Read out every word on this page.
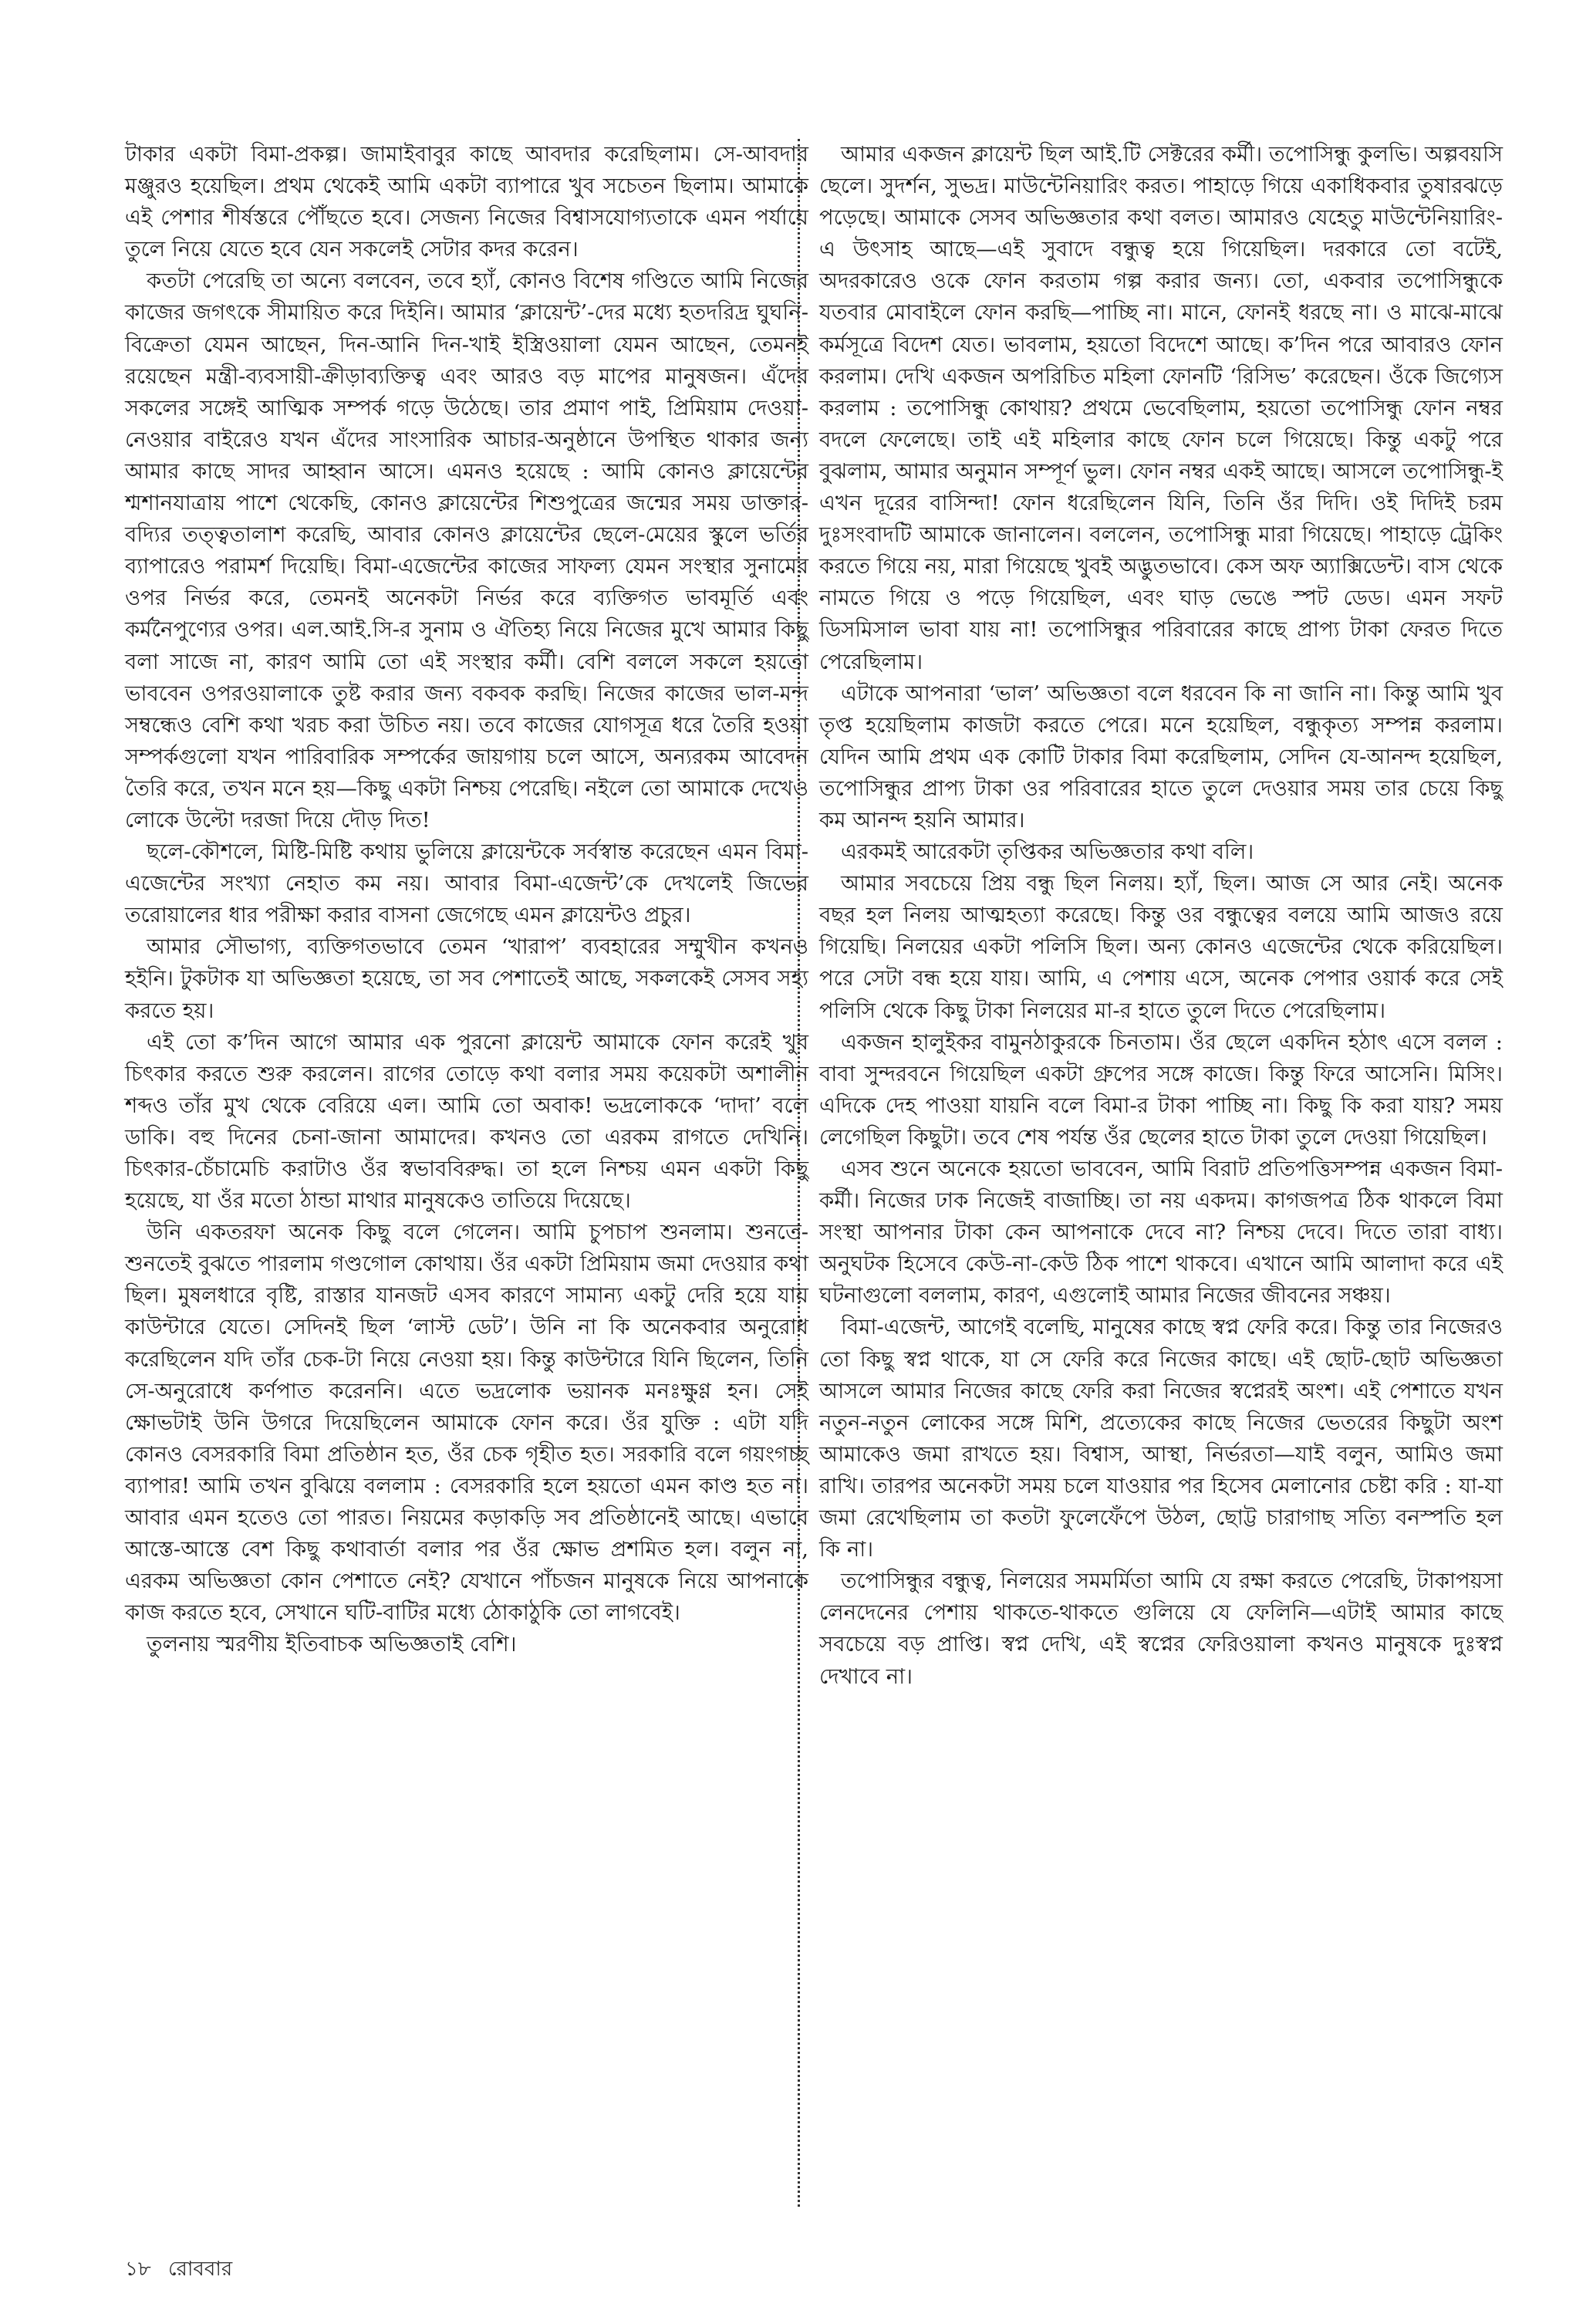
টাকার একটা বিমা-প্রকল্প। জামাইবাবুর কাছে আবদার করেছিলাম। সে-আবদার মঞ্জুরও হয়েছিল। প্রথম থেকেই আমি একটা ব্যাপারে খুব সচেতন ছিলাম। আমাকে এই পেশার শীর্ষস্তরে পৌঁছতে হবে। সেজন্য নিজের বিশ্বাসযোগ্যতাকে এমন পর্যায়ে তুলে নিয়ে যেতে হবে যেন সকলেই সেটার কদর করেন।

কতটা পেরেছি তা অন্যে বলবেন, তবে হ্যাঁ, কোনও বিশেষ গণ্ডিতে আমি নিজের কাজের জগৎকে সীমায়িত করে দিইনি। আমার ‘ক্লায়েন্ট’-দের মধ্যে হতদরিদ্র ঘুঘনি-বিক্রেতা যেমন আছেন, দিন-আনি দিন-খাই ইস্ত্রিওয়ালা যেমন আছেন, তেমনই রয়েছেন মন্ত্রী-ব্যবসায়ী-ক্রীড়াব্যক্তিত্ব এবং আরও বড় মাপের মানুষজন। এঁদের সকলের সঙ্গেই আত্মিক সম্পর্ক গড়ে উঠেছে। তার প্রমাণ পাই, প্রিমিয়াম দেওয়া-নেওয়ার বাইরেও যখন এঁদের সাংসারিক আচার-অনুষ্ঠানে উপস্থিত থাকার জন্য আমার কাছে সাদর আহ্বান আসে। এমনও হয়েছে : আমি কোনও ক্লায়েন্টের শ্মশানযাত্রায় পাশে থেকেছি, কোনও ক্লায়েন্টের শিশুপুত্রের জন্মের সময় ডাক্তার-বদ্যির তত্ত্বতালাশ করেছি, আবার কোনও ক্লায়েন্টের ছেলে-মেয়ের স্কুলে ভর্তির ব্যাপারেও পরামর্শ দিয়েছি। বিমা-এজেন্টের কাজের সাফল্য যেমন সংস্থার সুনামের ওপর নির্ভর করে, তেমনই অনেকটা নির্ভর করে ব্যক্তিগত ভাবমূর্তি এবং কর্মনৈপুণ্যের ওপর। এল.আই.সি-র সুনাম ও ঐতিহ্য নিয়ে নিজের মুখে আমার কিছু বলা সাজে না, কারণ আমি তো এই সংস্থার কর্মী। বেশি বললে সকলে হয়তো ভাববেন ওপরওয়ালাকে তুষ্ট করার জন্য বকবক করছি। নিজের কাজের ভাল-মন্দ সম্বন্ধেও বেশি কথা খরচ করা উচিত নয়। তবে কাজের যোগসূত্র ধরে তৈরি হওয়া সম্পর্কগুলো যখন পারিবারিক সম্পর্কের জায়গায় চলে আসে, অন্যরকম আবেদন তৈরি করে, তখন মনে হয়—কিছু একটা নিশ্চয় পেরেছি। নইলে তো আমাকে দেখেও লোকে উল্টো দরজা দিয়ে দৌড় দিত!

ছলে-কৌশলে, মিষ্টি-মিষ্টি কথায় ভুলিয়ে ক্লায়েন্টকে সর্বস্বান্ত করেছেন এমন বিমা-এজেন্টের সংখ্যা নেহাত কম নয়। আবার বিমা-এজেন্ট’কে দেখলেই জিভের তরোয়ালের ধার পরীক্ষা করার বাসনা জেগেছে এমন ক্লায়েন্টও প্রচুর।

আমার সৌভাগ্য, ব্যক্তিগতভাবে তেমন ‘খারাপ’ ব্যবহারের সম্মুখীন কখনও হইনি। টুকটাক যা অভিজ্ঞতা হয়েছে, তা সব পেশাতেই আছে, সকলকেই সেসব সহ্য করতে হয়।

এই তো ক’দিন আগে আমার এক পুরনো ক্লায়েন্ট আমাকে ফোন করেই খুব চিৎকার করতে শুরু করলেন। রাগের তোড়ে কথা বলার সময় কয়েকটা অশালীন শব্দও তাঁর মুখ থেকে বেরিয়ে এল। আমি তো অবাক! ভদ্রলোককে ‘দাদা’ বলে ডাকি। বহু দিনের চেনা-জানা আমাদের। কখনও তো এরকম রাগতে দেখিনি। চিৎকার-চেঁচামেচি করাটাও ওঁর স্বভাববিরুদ্ধ। তা হলে নিশ্চয় এমন একটা কিছু হয়েছে, যা ওঁর মতো ঠান্ডা মাথার মানুষকেও তাতিয়ে দিয়েছে।

উনি একতরফা অনেক কিছু বলে গেলেন। আমি চুপচাপ শুনলাম। শুনতে-শুনতেই বুঝতে পারলাম গণ্ডগোল কোথায়। ওঁর একটা প্রিমিয়াম জমা দেওয়ার কথা ছিল। মুষলধারে বৃষ্টি, রাস্তার যানজট এসব কারণে সামান্য একটু দেরি হয়ে যায় কাউন্টারে যেতে। সেদিনই ছিল ‘লাস্ট ডেট’। উনি না কি অনেকবার অনুরোধ করেছিলেন যদি তাঁর চেক-টা নিয়ে নেওয়া হয়। কিন্তু কাউন্টারে যিনি ছিলেন, তিনি সে-অনুরোধে কর্ণপাত করেননি। এতে ভদ্রলোক ভয়ানক মনঃক্ষুণ্ণ হন। সেই ক্ষোভটাই উনি উগরে দিয়েছিলেন আমাকে ফোন করে। ওঁর যুক্তি : এটা যদি কোনও বেসরকারি বিমা প্রতিষ্ঠান হত, ওঁর চেক গৃহীত হত। সরকারি বলে গয়ংগচ্ছ ব্যাপার! আমি তখন বুঝিয়ে বললাম : বেসরকারি হলে হয়তো এমন কাণ্ড হত না। আবার এমন হতেও তো পারত। নিয়মের কড়াকড়ি সব প্রতিষ্ঠানেই আছে। এভাবে আস্তে-আস্তে বেশ কিছু কথাবার্তা বলার পর ওঁর ক্ষোভ প্রশমিত হল। বলুন না, এরকম অভিজ্ঞতা কোন পেশাতে নেই? যেখানে পাঁচজন মানুষকে নিয়ে আপনাকে কাজ করতে হবে, সেখানে ঘটি-বাটির মধ্যে ঠোকাঠুকি তো লাগবেই।

তুলনায় স্মরণীয় ইতিবাচক অভিজ্ঞতাই বেশি।

আমার একজন ক্লায়েন্ট ছিল আই.টি সেক্টরের কর্মী। তপোসিন্ধু কুলভি। অল্পবয়সি ছেলে। সুদর্শন, সুভদ্র। মাউন্টেনিয়ারিং করত। পাহাড়ে গিয়ে একাধিকবার তুষারঝড়ে পড়েছে। আমাকে সেসব অভিজ্ঞতার কথা বলত। আমারও যেহেতু মাউন্টেনিয়ারিং-এ উৎসাহ আছে—এই সুবাদে বন্ধুত্ব হয়ে গিয়েছিল। দরকারে তো বটেই, অদরকারেও ওকে ফোন করতাম গল্প করার জন্য। তো, একবার তপোসিন্ধুকে যতবার মোবাইলে ফোন করছি—পাচ্ছি না। মানে, ফোনই ধরছে না। ও মাঝে-মাঝে কর্মসূত্রে বিদেশ যেত। ভাবলাম, হয়তো বিদেশে আছে। ক’দিন পরে আবারও ফোন করলাম। দেখি একজন অপরিচিত মহিলা ফোনটি ‘রিসিভ’ করেছেন। ওঁকে জিগ্যেস করলাম : তপোসিন্ধু কোথায়? প্রথমে ভেবেছিলাম, হয়তো তপোসিন্ধু ফোন নম্বর বদলে ফেলেছে। তাই এই মহিলার কাছে ফোন চলে গিয়েছে। কিন্তু একটু পরে বুঝলাম, আমার অনুমান সম্পূর্ণ ভুল। ফোন নম্বর একই আছে। আসলে তপোসিন্ধু-ই এখন দূরের বাসিন্দা! ফোন ধরেছিলেন যিনি, তিনি ওঁর দিদি। ওই দিদিই চরম দুঃসংবাদটি আমাকে জানালেন। বললেন, তপোসিন্ধু মারা গিয়েছে। পাহাড়ে ট্রেকিং করতে গিয়ে নয়, মারা গিয়েছে খুবই অদ্ভুতভাবে। কেস অফ অ্যাক্সিডেন্ট। বাস থেকে নামতে গিয়ে ও পড়ে গিয়েছিল, এবং ঘাড় ভেঙে স্পট ডেড। এমন সফট ডিসমিসাল ভাবা যায় না! তপোসিন্ধুর পরিবারের কাছে প্রাপ্য টাকা ফেরত দিতে পেরেছিলাম।

এটাকে আপনারা ‘ভাল’ অভিজ্ঞতা বলে ধরবেন কি না জানি না। কিন্তু আমি খুব তৃপ্ত হয়েছিলাম কাজটা করতে পেরে। মনে হয়েছিল, বন্ধুকৃত্য সম্পন্ন করলাম। যেদিন আমি প্রথম এক কোটি টাকার বিমা করেছিলাম, সেদিন যে-আনন্দ হয়েছিল, তপোসিন্ধুর প্রাপ্য টাকা ওর পরিবারের হাতে তুলে দেওয়ার সময় তার চেয়ে কিছু কম আনন্দ হয়নি আমার।

এরকমই আরেকটা তৃপ্তিকর অভিজ্ঞতার কথা বলি।

আমার সবচেয়ে প্রিয় বন্ধু ছিল নিলয়। হ্যাঁ, ছিল। আজ সে আর নেই। অনেক বছর হল নিলয় আত্মহত্যা করেছে। কিন্তু ওর বন্ধুত্বের বলয়ে আমি আজও রয়ে গিয়েছি। নিলয়ের একটা পলিসি ছিল। অন্য কোনও এজেন্টের থেকে করিয়েছিল। পরে সেটা বন্ধ হয়ে যায়। আমি, এ পেশায় এসে, অনেক পেপার ওয়ার্ক করে সেই পলিসি থেকে কিছু টাকা নিলয়ের মা-র হাতে তুলে দিতে পেরেছিলাম।

একজন হালুইকর বামুনঠাকুরকে চিনতাম। ওঁর ছেলে একদিন হঠাৎ এসে বলল : বাবা সুন্দরবনে গিয়েছিল একটা গ্রুপের সঙ্গে কাজে। কিন্তু ফিরে আসেনি। মিসিং। এদিকে দেহ পাওয়া যায়নি বলে বিমা-র টাকা পাচ্ছি না। কিছু কি করা যায়? সময় লেগেছিল কিছুটা। তবে শেষ পর্যন্ত ওঁর ছেলের হাতে টাকা তুলে দেওয়া গিয়েছিল।

এসব শুনে অনেকে হয়তো ভাববেন, আমি বিরাট প্রতিপত্তিসম্পন্ন একজন বিমা-কর্মী। নিজের ঢাক নিজেই বাজাচ্ছি। তা নয় একদম। কাগজপত্র ঠিক থাকলে বিমা সংস্থা আপনার টাকা কেন আপনাকে দেবে না? নিশ্চয় দেবে। দিতে তারা বাধ্য। অনুঘটক হিসেবে কেউ-না-কেউ ঠিক পাশে থাকবে। এখানে আমি আলাদা করে এই ঘটনাগুলো বললাম, কারণ, এগুলোই আমার নিজের জীবনের সঞ্চয়।

বিমা-এজেন্ট, আগেই বলেছি, মানুষের কাছে স্বপ্ন ফেরি করে। কিন্তু তার নিজেরও তো কিছু স্বপ্ন থাকে, যা সে ফেরি করে নিজের কাছে। এই ছোট-ছোট অভিজ্ঞতা আসলে আমার নিজের কাছে ফেরি করা নিজের স্বপ্নেরই অংশ। এই পেশাতে যখন নতুন-নতুন লোকের সঙ্গে মিশি, প্রত্যেকের কাছে নিজের ভেতরের কিছুটা অংশ আমাকেও জমা রাখতে হয়। বিশ্বাস, আস্থা, নির্ভরতা—যাই বলুন, আমিও জমা রাখি। তারপর অনেকটা সময় চলে যাওয়ার পর হিসেব মেলানোর চেষ্টা করি : যা-যা জমা রেখেছিলাম তা কতটা ফুলেফেঁপে উঠল, ছোট্ট চারাগাছ সত্যি বনস্পতি হল কি না।

তপোসিন্ধুর বন্ধুত্ব, নিলয়ের সমমর্মিতা আমি যে রক্ষা করতে পেরেছি, টাকাপয়সা লেনদেনের পেশায় থাকতে-থাকতে গুলিয়ে যে ফেলিনি—এটাই আমার কাছে সবচেয়ে বড় প্রাপ্তি। স্বপ্ন দেখি, এই স্বপ্নের ফেরিওয়ালা কখনও মানুষকে দুঃস্বপ্ন দেখাবে না।

১৮ রোববার
